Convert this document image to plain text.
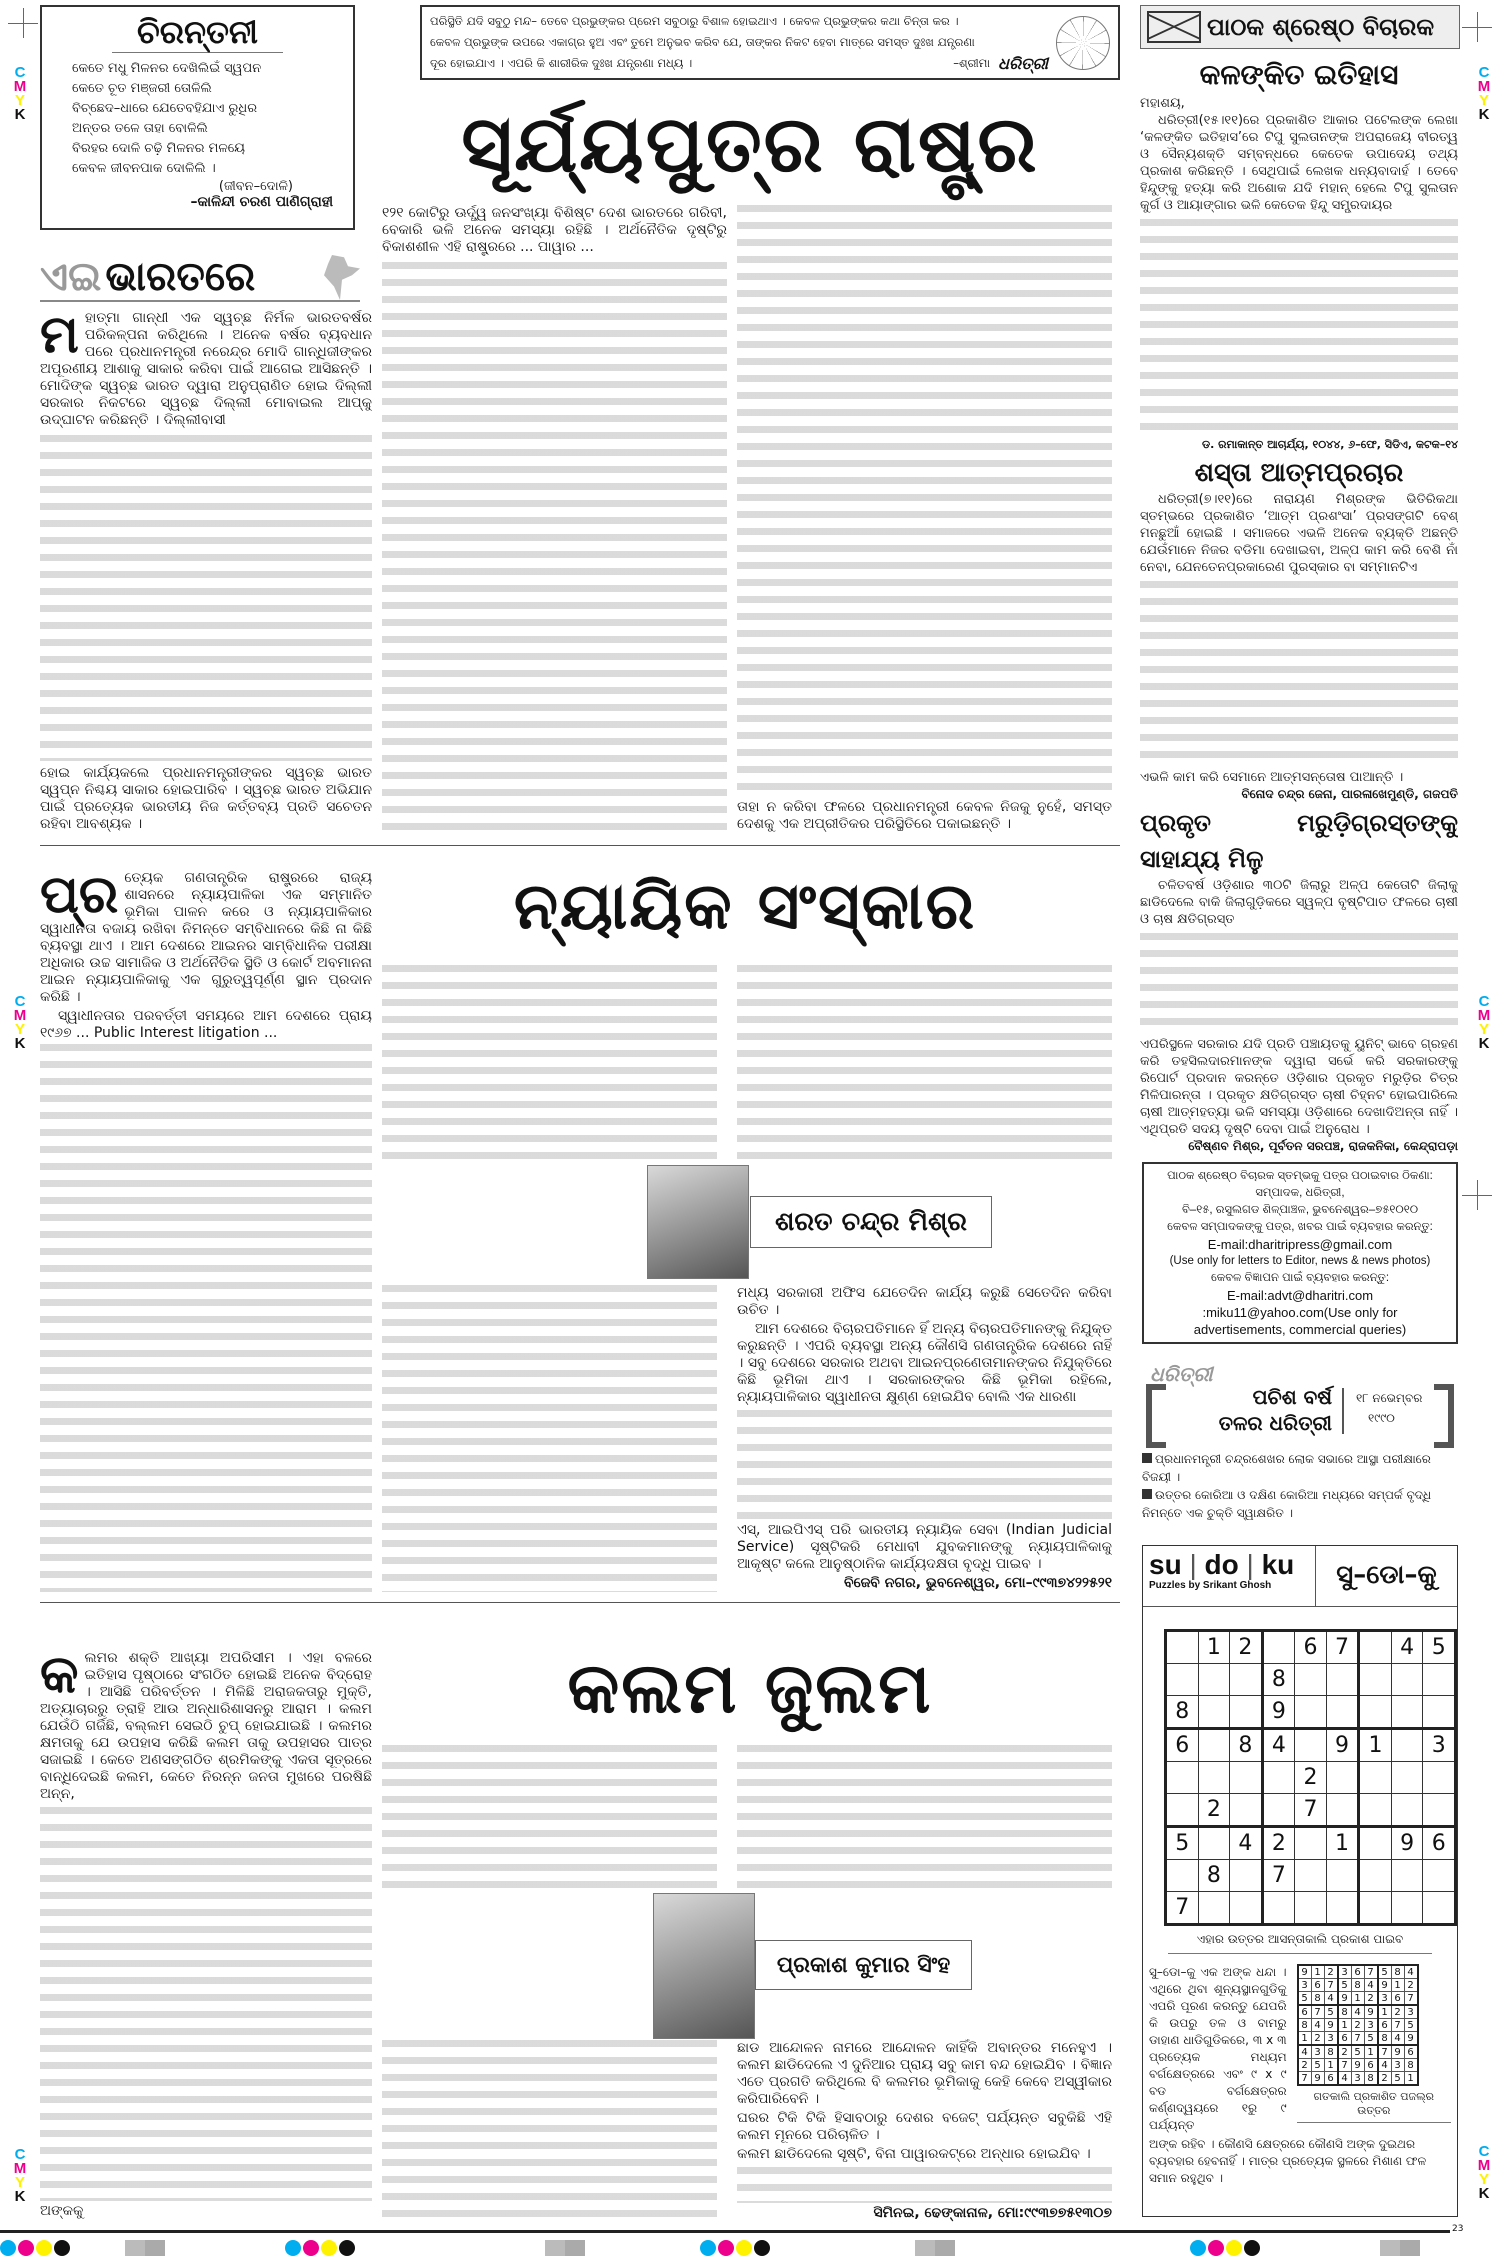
C
M
Y
K
C
M
Y
K
C
M
Y
K
C
M
Y
K
C
M
Y
K
C
M
Y
K
ଚିରନ୍ତନୀ
କେତେ ମଧୁ ମିଳନର ଦେଖିଲିଇଁ ସ୍ୱପନ
କେତେ ଚୂତ ମଞ୍ଜରୀ ତୋଳିଲି
ବିଚ୍ଛେଦ–ଧାରେ ଯେତେବହିଯାଏ ରୁଧିର
ଅନ୍ତର ତଳେ ତାହା ବୋଳିଲି
ବିରହର ଦୋଳି ଚଢ଼ି ମିଳନର ମଳୟେ
କେବଳ ଜୀବନପାକ ଦୋଳିଲି ।
(ଜୀବନ–ଦୋଳି)
–କାଳିନ୍ଦୀ ଚରଣ ପାଣିଗ୍ରାହୀ
ପରିସ୍ଥିତି ଯଦି ସବୁଠୁ ମନ୍ଦ– ତେବେ ପ୍ରଭୁଙ୍କର ପ୍ରେମ ସବୁଠାରୁ ବିଶାଳ ହୋଇଥାଏ । କେବଳ ପ୍ରଭୁଙ୍କର କଥା ଚିନ୍ତା କର ।
କେବଳ ପ୍ରଭୁଙ୍କ ଉପରେ ଏକାଗ୍ର ହୁଅ ଏବଂ ତୁମେ ଅନୁଭବ କରିବ ଯେ, ତାଙ୍କର ନିକଟ ହେବା ମାତ୍ରେ ସମସ୍ତ ଦୁଃଖ ଯନ୍ତ୍ରଣା
ଦୂର ହୋଇଯାଏ । ଏପରି କି ଶାରୀରିକ ଦୁଃଖ ଯନ୍ତ୍ରଣା ମଧ୍ୟ ।	–ଶ୍ରୀମା ଧରିତ୍ରୀ
ସୂର୍ଯ୍ୟପୁତ୍ର ରାଷ୍ଟ୍ର
ଏଇ ଭାରତରେ

ମହାତ୍ମା ଗାନ୍ଧୀ ଏକ ସ୍ୱଚ୍ଛ ନିର୍ମଳ ଭାରତବର୍ଷର ପରିକଳ୍ପନା କରିଥିଲେ । ଅନେକ ବର୍ଷର ବ୍ୟବଧାନ ପରେ ପ୍ରଧାନମନ୍ତ୍ରୀ ନରେନ୍ଦ୍ର ମୋଦି ଗାନ୍ଧିଜୀଙ୍କର ଅପୂରଣୀୟ ଆଶାକୁ ସାକାର କରିବା ପାଇଁ ଆଗେଇ ଆସିଛନ୍ତି । ମୋଦିଙ୍କ ସ୍ୱଚ୍ଛ ଭାରତ ଦ୍ୱାରା ଅନୁପ୍ରାଣିତ ହୋଇ ଦିଲ୍ଲୀ ସରକାର ନିକଟରେ ସ୍ୱଚ୍ଛ ଦିଲ୍ଲୀ ମୋବାଇଲ ଆପ୍‌କୁ ଉଦ୍‌ଘାଟନ କରିଛନ୍ତି । ଦିଲ୍ଲୀବାସୀ

ହୋଇ କାର୍ଯ୍ୟକଲେ ପ୍ରଧାନମନ୍ତ୍ରୀଙ୍କର ସ୍ୱଚ୍ଛ ଭାରତ ସ୍ୱପ୍ନ ନିଶ୍ଚୟ ସାକାର ହୋଇପାରିବ । ସ୍ୱଚ୍ଛ ଭାରତ ଅଭିଯାନ ପାଇଁ ପ୍ରତ୍ୟେକ ଭାରତୀୟ ନିଜ କର୍ତ୍ତବ୍ୟ ପ୍ରତି ସଚେତନ ରହିବା ଆବଶ୍ୟକ ।

୧୨୧ କୋଟିରୁ ଊର୍ଦ୍ଧ୍ୱ ଜନସଂଖ୍ୟା ବିଶିଷ୍ଟ ଦେଶ ଭାରତରେ ଗରିବୀ, ବେକାରି ଭଳି ଅନେକ ସମସ୍ୟା ରହିଛି । ଅର୍ଥନୈତିକ ଦୃଷ୍ଟିରୁ ବିକାଶଶୀଳ ଏହି ରାଷ୍ଟ୍ରରେ ... ପାୱାର ...

ତାହା ନ କରିବା ଫଳରେ ପ୍ରଧାନମନ୍ତ୍ରୀ କେବଳ ନିଜକୁ ନୁହେଁ, ସମସ୍ତ ଦେଶକୁ ଏକ ଅପ୍ରୀତିକର ପରିସ୍ଥିତିରେ ପକାଇଛନ୍ତି ।

ନ୍ୟାୟିକ ସଂସ୍କାର

ପ୍ର ତ୍ୟେକ ଗଣତାନ୍ତ୍ରିକ ରାଷ୍ଟ୍ରରେ ରାଜ୍ୟ ଶାସନରେ ନ୍ୟାୟପାଳିକା ଏକ ସମ୍ମାନିତ ଭୂମିକା ପାଳନ କରେ ଓ ନ୍ୟାୟପାଳିକାର ସ୍ୱାଧୀନତା ବଜାୟ ରଖିବା ନିମନ୍ତେ ସମ୍ବିଧାନରେ କିଛି ନା କିଛି ବ୍ୟବସ୍ଥା ଥାଏ । ଆମ ଦେଶରେ ଆଇନର ସାମ୍ବିଧାନିକ ପରୀକ୍ଷା ଅଧିକାର ଉଚ୍ଚ ସାମାଜିକ ଓ ଅର୍ଥନୈତିକ ସ୍ଥିତି ଓ କୋର୍ଟ ଅବମାନନା ଆଇନ ନ୍ୟାୟପାଳିକାକୁ ଏକ ଗୁରୁତ୍ୱପୂର୍ଣ୍ଣ ସ୍ଥାନ ପ୍ରଦାନ କରିଛି ।

ସ୍ୱାଧୀନତାର ପରବର୍ତ୍ତୀ ସମୟରେ ଆମ ଦେଶରେ ପ୍ରାୟ ୧୯୬୭ ... Public Interest litigation ...

ମଧ୍ୟ ସରକାରୀ ଅଫିସ ଯେତେଦିନ କାର୍ଯ୍ୟ କରୁଛି ସେତେଦିନ କରିବା ଉଚିତ ।

ଆମ ଦେଶରେ ବିଚାରପତିମାନେ ହିଁ ଅନ୍ୟ ବିଚାରପତିମାନଙ୍କୁ ନିଯୁକ୍ତ କରୁଛନ୍ତି । ଏପରି ବ୍ୟବସ୍ଥା ଅନ୍ୟ କୌଣସି ଗଣତାନ୍ତ୍ରିକ ଦେଶରେ ନାହିଁ । ସବୁ ଦେଶରେ ସରକାର ଅଥବା ଆଇନପ୍ରଣେତାମାନଙ୍କର ନିଯୁକ୍ତିରେ କିଛି ଭୂମିକା ଥାଏ । ସରକାରଙ୍କର କିଛି ଭୂମିକା ରହିଲେ, ନ୍ୟାୟପାଳିକାର ସ୍ୱାଧୀନତା କ୍ଷୁଣ୍ଣ ହୋଇଯିବ ବୋଲି ଏକ ଧାରଣା

ଏସ୍, ଆଇପିଏସ୍ ପରି ଭାରତୀୟ ନ୍ୟାୟିକ ସେବା (Indian Judicial Service) ସୃଷ୍ଟିକରି ମେଧାବୀ ଯୁବକମାନଙ୍କୁ ନ୍ୟାୟପାଳିକାକୁ ଆକୃଷ୍ଟ କଲେ ଆନୁଷ୍ଠାନିକ କାର୍ଯ୍ୟଦକ୍ଷତା ବୃଦ୍ଧି ପାଇବ ।

ବିଜେବି ନଗର, ଭୁବନେଶ୍ୱର, ମୋ–୯୯୩୭୪୨୨୫୨୧
ଶରତ ଚନ୍ଦ୍ର ମିଶ୍ର
କଲମ ଜୁଲମ

କଲମର ଶକ୍ତି ଆଖ୍ୟା ଅପରିସୀମ । ଏହା ବଳରେ ଇତିହାସ ପୃଷ୍ଠାରେ ସଂଗଠିତ ହୋଇଛି ଅନେକ ବିଦ୍ରୋହ । ଆସିଛି ପରିବର୍ତ୍ତନ । ମିଳିଛି ଅରାଜକତାରୁ ମୁକ୍ତି, ଅତ୍ୟାଚାରରୁ ତ୍ରାହି ଆଉ ଅନ୍ଧାରିଶାସନରୁ ଆରାମ । କଲମ ଯେଉଁଠି ଗର୍ଜିଛି, ବଲ୍ଲମ ସେଇଠି ଚୁପ୍ ହୋଇଯାଇଛି । କଲମର କ୍ଷମତାକୁ ଯେ ଉପହାସ କରିଛି କଲମ ତାକୁ ଉପହାସର ପାତ୍ର ସଜାଇଛି । କେତେ ଅଣସଙ୍ଗଠିତ ଶ୍ରମିକଙ୍କୁ ଏକତା ସୂତ୍ରରେ ବାନ୍ଧିଦେଇଛି କଲମ, କେତେ ନିରନ୍ନ ଜନତା ମୁଖରେ ପରଷିଛି ଅନ୍ନ,

ଅଙ୍କକୁ

ଛାଡ ଆନ୍ଦୋଳନ ନାମରେ ଆନ୍ଦୋଳନ କାହିଁକି ଅବାନ୍ତର ମନେହୁଏ । କଲମ ଛାଡିଦେଲେ ଏ ଦୁନିଆର ପ୍ରାୟ ସବୁ କାମ ବନ୍ଦ ହୋଇଯିବ । ବିଜ୍ଞାନ ଏତେ ପ୍ରଗତି କରିଥିଲେ ବି କଲମର ଭୂମିକାକୁ କେହି କେବେ ଅସ୍ୱୀକାର କରିପାରିବେନି ।

ଘରର ଟିକି ଟିକି ହିସାବଠାରୁ ଦେଶର ବଜେଟ୍ ପର୍ଯ୍ୟନ୍ତ ସବୁକିଛି ଏହି କଲମ ମୂନରେ ପରିଚାଳିତ ।

କଲମ ଛାଡିଦେଲେ ସୃଷ୍ଟି, ବିନା ପାୱାରକଟ୍‌ରେ ଅନ୍ଧାର ହୋଇଯିବ ।

ସିମିନଇ, ଢେଙ୍କାନାଳ, ମୋ:୯୯୩୭୭୫୧୩୦୭
ପ୍ରକାଶ କୁମାର ସିଂହ
ପାଠକ ଶ୍ରେଷ୍ଠ ବିଚାରକ
କଳଙ୍କିତ ଇତିହାସ
ମହାଶୟ,

ଧରିତ୍ରୀ(୧୫।୧୧)ରେ ପ୍ରକାଶିତ ଆକାର ପଟେଲଙ୍କ ଲେଖା ‘କଳଙ୍କିତ ଇତିହାସ’ରେ ଟିପୁ ସୁଲତାନଙ୍କ ଅପରାଜେୟ ବୀରତ୍ୱ ଓ ସୈନ୍ୟଶକ୍ତି ସମ୍ବନ୍ଧରେ କେତେକ ଉପାଦେୟ ତଥ୍ୟ ପ୍ରକାଶ କରିଛନ୍ତି । ସେଥିପାଇଁ ଲେଖକ ଧନ୍ୟବାଦାର୍ହ । ତେବେ ହିନ୍ଦୁଙ୍କୁ ହତ୍ୟା କରି ଅଶୋକ ଯଦି ମହାନ୍ ହେଲେ ଟିପୁ ସୁଲତାନ କୁର୍ଗ ଓ ଆୟାଙ୍ଗାର ଭଳି କେତେକ ହିନ୍ଦୁ ସମ୍ପ୍ରଦାୟର

ଡ. ରମାକାନ୍ତ ଆଚାର୍ଯ୍ୟ, ୧୦୪୪, ୬–ଫେ, ସିଡିଏ, କଟକ–୧୪
ଶସ୍ତା ଆତ୍ମପ୍ରଚାର

ଧରିତ୍ରୀ(୭।୧୧)ରେ ନାରାୟଣ ମିଶ୍ରଙ୍କ ଭିତିରିକଥା ସ୍ତମ୍ଭରେ ପ୍ରକାଶିତ ‘ଆତ୍ମ ପ୍ରଶଂସା’ ପ୍ରସଙ୍ଗଟି ବେଶ୍ ମନଛୁଆଁ ହୋଇଛି । ସମାଜରେ ଏଭଳି ଅନେକ ବ୍ୟକ୍ତି ଅଛନ୍ତି ଯେଉଁମାନେ ନିଜର ବଡିମା ଦେଖାଇବା, ଅଳ୍ପ କାମ କରି ବେଶି ନାଁ ନେବା, ଯେନତେନପ୍ରକାରେଣ ପୁରସ୍କାର ବା ସମ୍ମାନଟିଏ

ଏଭଳି କାମ କରି ସେମାନେ ଆତ୍ମସନ୍ତୋଷ ପାଆନ୍ତି ।
ବିନୋଦ ଚନ୍ଦ୍ର ଜେନା, ପାରଳାଖେମୁଣ୍ଡି, ଗଜପତି
ପ୍ରକୃତ ମରୁଡ଼ିଗ୍ରସ୍ତଙ୍କୁ ସାହାଯ୍ୟ ମିଳୁ

ଚଳିତବର୍ଷ ଓଡ଼ିଶାର ୩୦ଟି ଜିଲାରୁ ଅଳ୍ପ କେତୋଟି ଜିଲାକୁ ଛାଡିଦେଲେ ବାକି ଜିଲାଗୁଡ଼ିକରେ ସ୍ୱଳ୍ପ ବୃଷ୍ଟିପାତ ଫଳରେ ଚାଷୀ ଓ ଚାଷ କ୍ଷତିଗ୍ରସ୍ତ

ଏପରିସ୍ଥଳେ ସରକାର ଯଦି ପ୍ରତି ପଞ୍ଚାୟତକୁ ୟୁନିଟ୍ ଭାବେ ଗ୍ରହଣ କରି ତହସିଲଦାରମାନଙ୍କ ଦ୍ୱାରା ସର୍ଭେ କରି ସରକାରଙ୍କୁ ରିପୋର୍ଟ ପ୍ରଦାନ କରନ୍ତେ ଓଡ଼ିଶାର ପ୍ରକୃତ ମରୁଡ଼ିର ଚିତ୍ର ମିଳିପାରନ୍ତା । ପ୍ରକୃତ କ୍ଷତିଗ୍ରସ୍ତ ଚାଷୀ ଚିହ୍ନଟ ହୋଇପାରିଲେ ଚାଷୀ ଆତ୍ମହତ୍ୟା ଭଳି ସମସ୍ୟା ଓଡ଼ିଶାରେ ଦେଖାଦିଅନ୍ତା ନାହିଁ । ଏଥିପ୍ରତି ସଦୟ ଦୃଷ୍ଟି ଦେବା ପାଇଁ ଅନୁରୋଧ ।
ବୈଷ୍ଣବ ମିଶ୍ର, ପୂର୍ବତନ ସରପଞ୍ଚ, ରାଜକନିକା, କେନ୍ଦ୍ରାପଡ଼ା
ପାଠକ ଶ୍ରେଷ୍ଠ ବିଚାରକ ସ୍ତମ୍ଭକୁ ପତ୍ର ପଠାଇବାର ଠିକଣା:
ସମ୍ପାଦକ, ଧରିତ୍ରୀ,
ବି–୧୫, ରସୁଲଗଡ ଶିଳ୍ପାଞ୍ଚଳ, ଭୁବନେଶ୍ୱର–୭୫୧୦୧୦
କେବଳ ସମ୍ପାଦକଙ୍କୁ ପତ୍ର, ଖବର ପାଇଁ ବ୍ୟବହାର କରନ୍ତୁ:
E-mail:dharitripress@gmail.com
(Use only for letters to Editor, news & news photos)
କେବଳ ବିଜ୍ଞାପନ ପାଇଁ ବ୍ୟବହାର କରନ୍ତୁ:
E-mail:advt@dharitri.com
:miku11@yahoo.com(Use only for
advertisements, commercial queries)
ଧରିତ୍ରୀ
ପଚିଶ ବର୍ଷ
ତଳର ଧରିତ୍ରୀ
୧୮ ନଭେମ୍ବର
୧୯୯୦
ପ୍ରଧାନମନ୍ତ୍ରୀ ଚନ୍ଦ୍ରଶେଖର ଲୋକ ସଭାରେ ଆସ୍ଥା ପରୀକ୍ଷାରେ ବିଜୟୀ ।
ଉତ୍ତର କୋରିଆ ଓ ଦକ୍ଷିଣ କୋରିଆ ମଧ୍ୟରେ ସମ୍ପର୍କ ବୃଦ୍ଧି ନିମନ୍ତେ ଏକ ଚୁକ୍ତି ସ୍ୱାକ୍ଷରିତ ।
su | do | ku
Puzzles by Srikant Ghosh	ସୁ–ଡୋ–କୁ
	1	2		6	7		4	5
			8					
8			9					
6		8	4		9	1		3
				2				
	2			7				
5		4	2		1		9	6
	8		7					
7								
ଏହାର ଉତ୍ତର ଆସନ୍ତାକାଲି ପ୍ରକାଶ ପାଇବ
ସୁ–ଡୋ–କୁ ଏକ ଅଙ୍କ ଧନ୍ଦା । ଏଥିରେ ଥିବା ଶୂନ୍ୟସ୍ଥାନଗୁଡିକୁ ଏପରି ପୂରଣ କରନ୍ତୁ ଯେପରି କି ଉପରୁ ତଳ ଓ ବାମରୁ ଡାହାଣ ଧାଡିଗୁଡିକରେ, ୩ x ୩ ପ୍ରତ୍ୟେକ ମଧ୍ୟମ ବର୍ଗକ୍ଷେତ୍ରରେ ଏବଂ ୯ x ୯ ବଡ ବର୍ଗକ୍ଷେତ୍ରର କର୍ଣ୍ଣଦ୍ୱୟରେ ୧ରୁ ୯ ପର୍ଯ୍ୟନ୍ତ
9	1	2	3	6	7	5	8	4
3	6	7	5	8	4	9	1	2
5	8	4	9	1	2	3	6	7
6	7	5	8	4	9	1	2	3
8	4	9	1	2	3	6	7	5
1	2	3	6	7	5	8	4	9
4	3	8	2	5	1	7	9	6
2	5	1	7	9	6	4	3	8
7	9	6	4	3	8	2	5	1
ଗତକାଲି ପ୍ରକାଶିତ ପଜଲ୍‌ର ଉତ୍ତର
ଅଙ୍କ ରହିବ । କୌଣସି କ୍ଷେତ୍ରରେ କୌଣସି ଅଙ୍କ ଦୁଇଥର ବ୍ୟବହାର ହେବନାହିଁ । ମାତ୍ର ପ୍ରତ୍ୟେକ ସ୍ଥଳରେ ମିଶାଣ ଫଳ ସମାନ ରହୁଥିବ ।
23
